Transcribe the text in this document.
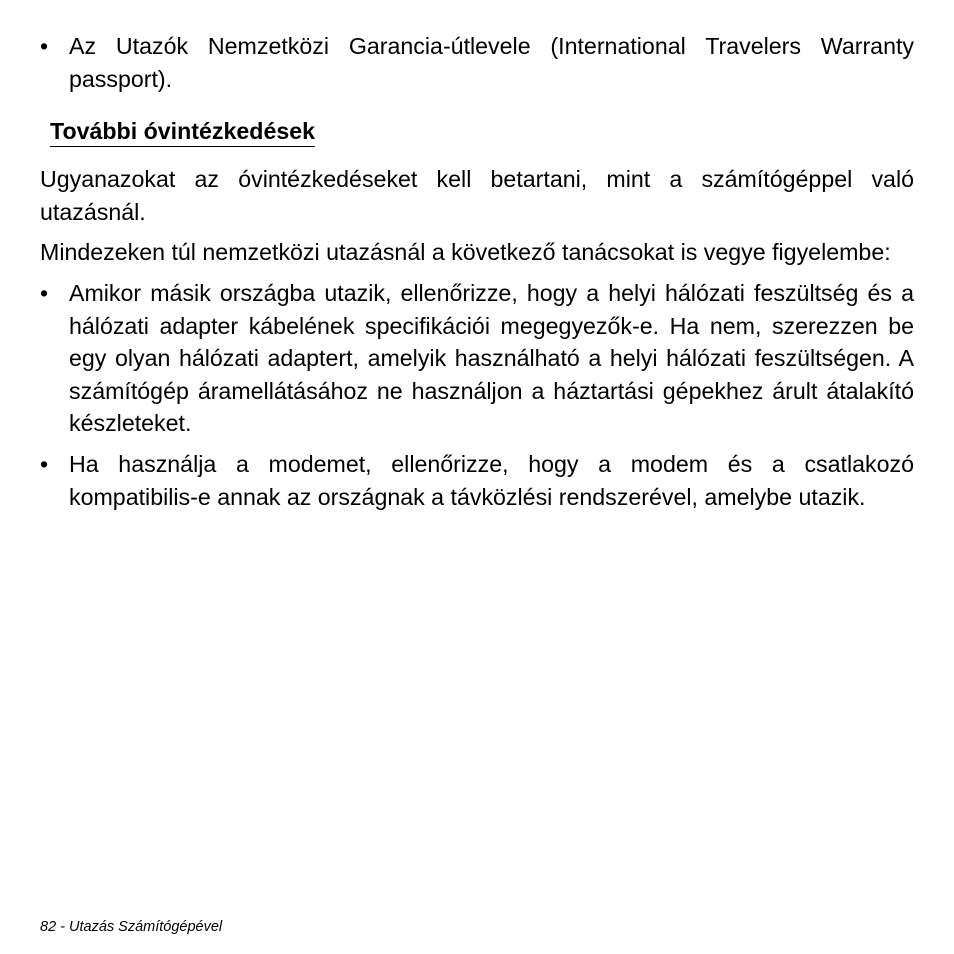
• Az Utazók Nemzetközi Garancia-útlevele (International Travelers Warranty passport).
További óvintézkedések

Ugyanazokat az óvintézkedéseket kell betartani, mint a számítógéppel való utazásnál.

Mindezeken túl nemzetközi utazásnál a következő tanácsokat is vegye figyelembe:

• Amikor másik országba utazik, ellenőrizze, hogy a helyi hálózati feszültség és a hálózati adapter kábelének specifikációi megegyezők-e. Ha nem, szerezzen be egy olyan hálózati adaptert, amelyik használható a helyi hálózati feszültségen. A számítógép áramellátásához ne használjon a háztartási gépekhez árult átalakító készleteket.
• Ha használja a modemet, ellenőrizze, hogy a modem és a csatlakozó kompatibilis-e annak az országnak a távközlési rendszerével, amelybe utazik.
82 - Utazás Számítógépével
